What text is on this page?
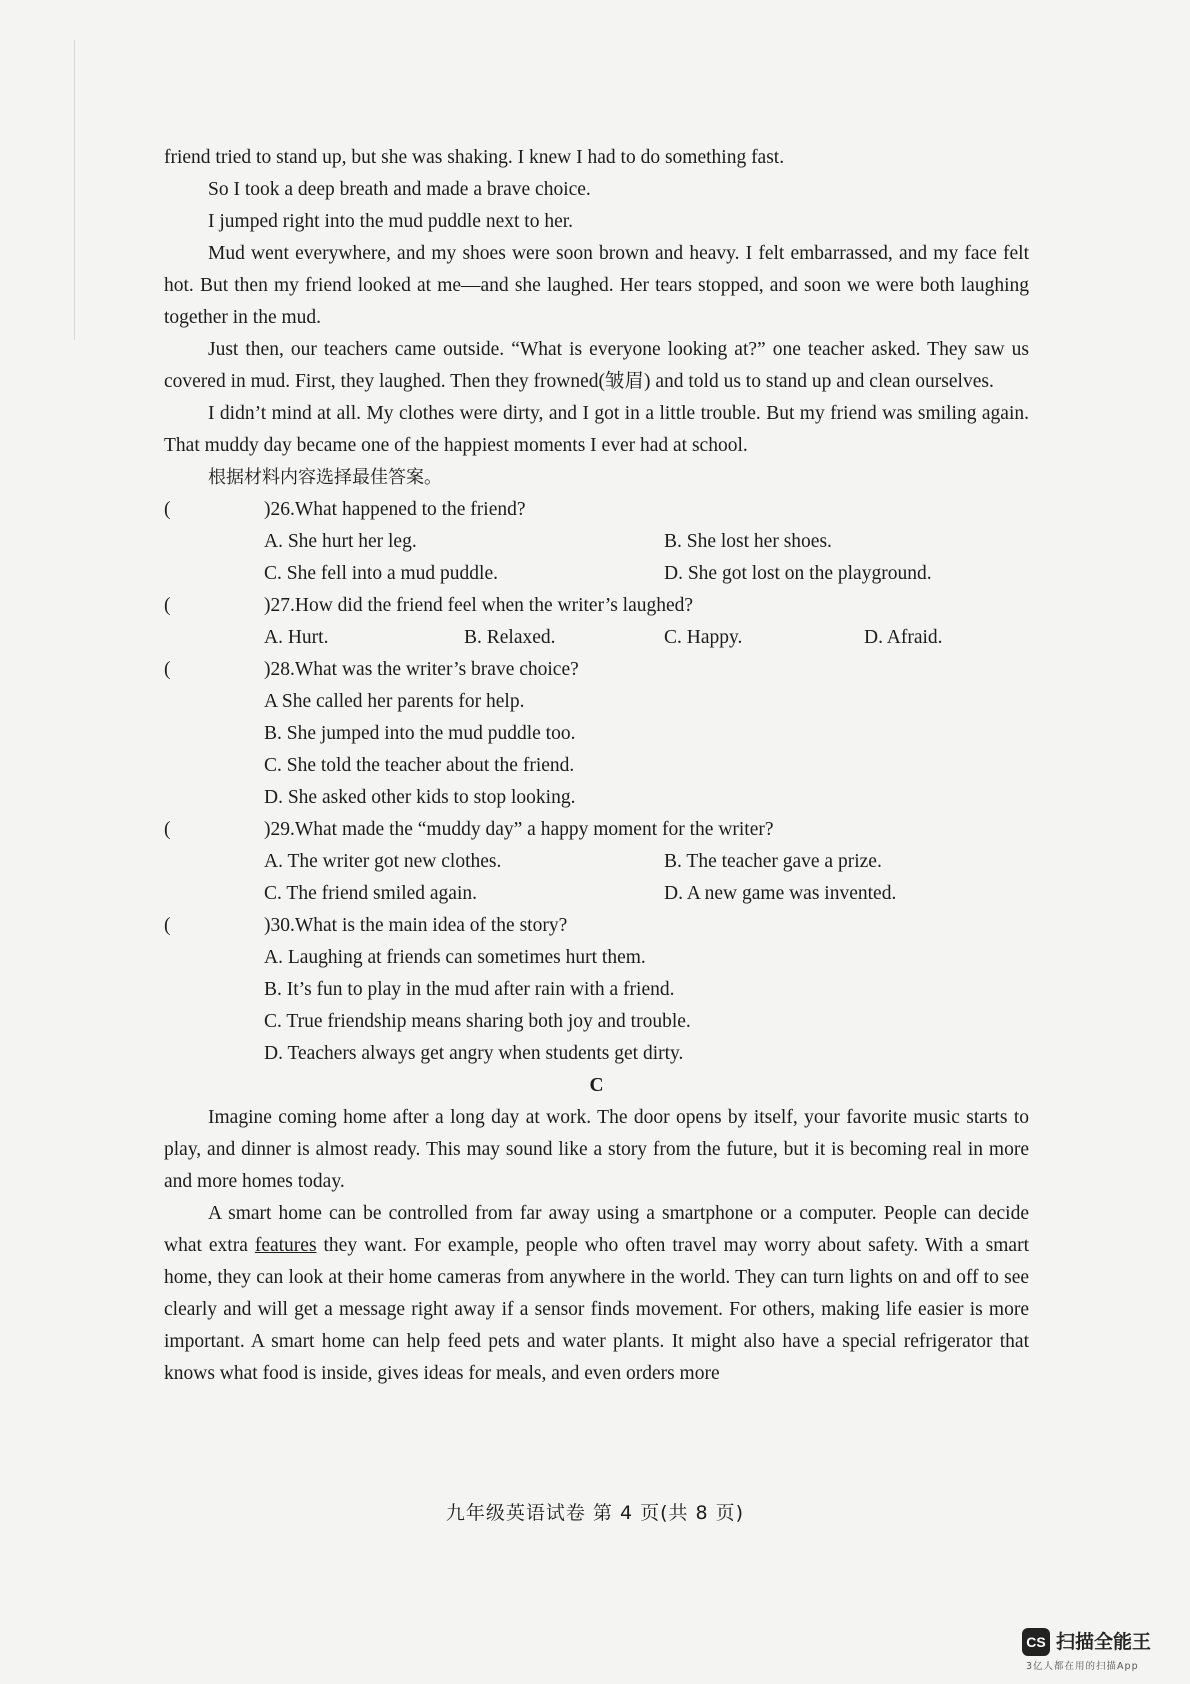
friend tried to stand up, but she was shaking. I knew I had to do something fast.

So I took a deep breath and made a brave choice.

I jumped right into the mud puddle next to her.

Mud went everywhere, and my shoes were soon brown and heavy. I felt embarrassed, and my face felt hot. But then my friend looked at me—and she laughed. Her tears stopped, and soon we were both laughing together in the mud.

Just then, our teachers came outside. “What is everyone looking at?” one teacher asked. They saw us covered in mud. First, they laughed. Then they frowned(皱眉) and told us to stand up and clean ourselves.

I didn’t mind at all. My clothes were dirty, and I got in a little trouble. But my friend was smiling again. That muddy day became one of the happiest moments I ever had at school.

根据材料内容选择最佳答案。

(	)26.What happened to the friend?
A. She hurt her leg.	B. She lost her shoes.
C. She fell into a mud puddle.	D. She got lost on the playground.
(	)27.How did the friend feel when the writer’s laughed?
A. Hurt.	B. Relaxed.	C. Happy.	D. Afraid.
(	)28.What was the writer’s brave choice?
A She called her parents for help.
B. She jumped into the mud puddle too.
C. She told the teacher about the friend.
D. She asked other kids to stop looking.
(	)29.What made the “muddy day” a happy moment for the writer?
A. The writer got new clothes.	B. The teacher gave a prize.
C. The friend smiled again.	D. A new game was invented.
(	)30.What is the main idea of the story?
A. Laughing at friends can sometimes hurt them.
B. It’s fun to play in the mud after rain with a friend.
C. True friendship means sharing both joy and trouble.
D. Teachers always get angry when students get dirty.

C

Imagine coming home after a long day at work. The door opens by itself, your favorite music starts to play, and dinner is almost ready. This may sound like a story from the future, but it is becoming real in more and more homes today.

A smart home can be controlled from far away using a smartphone or a computer. People can decide what extra features they want. For example, people who often travel may worry about safety. With a smart home, they can look at their home cameras from anywhere in the world. They can turn lights on and off to see clearly and will get a message right away if a sensor finds movement. For others, making life easier is more important. A smart home can help feed pets and water plants. It might also have a special refrigerator that knows what food is inside, gives ideas for meals, and even orders more

九年级英语试卷 第 4 页(共 8 页)
CS 扫描全能王
3亿人都在用的扫描App
